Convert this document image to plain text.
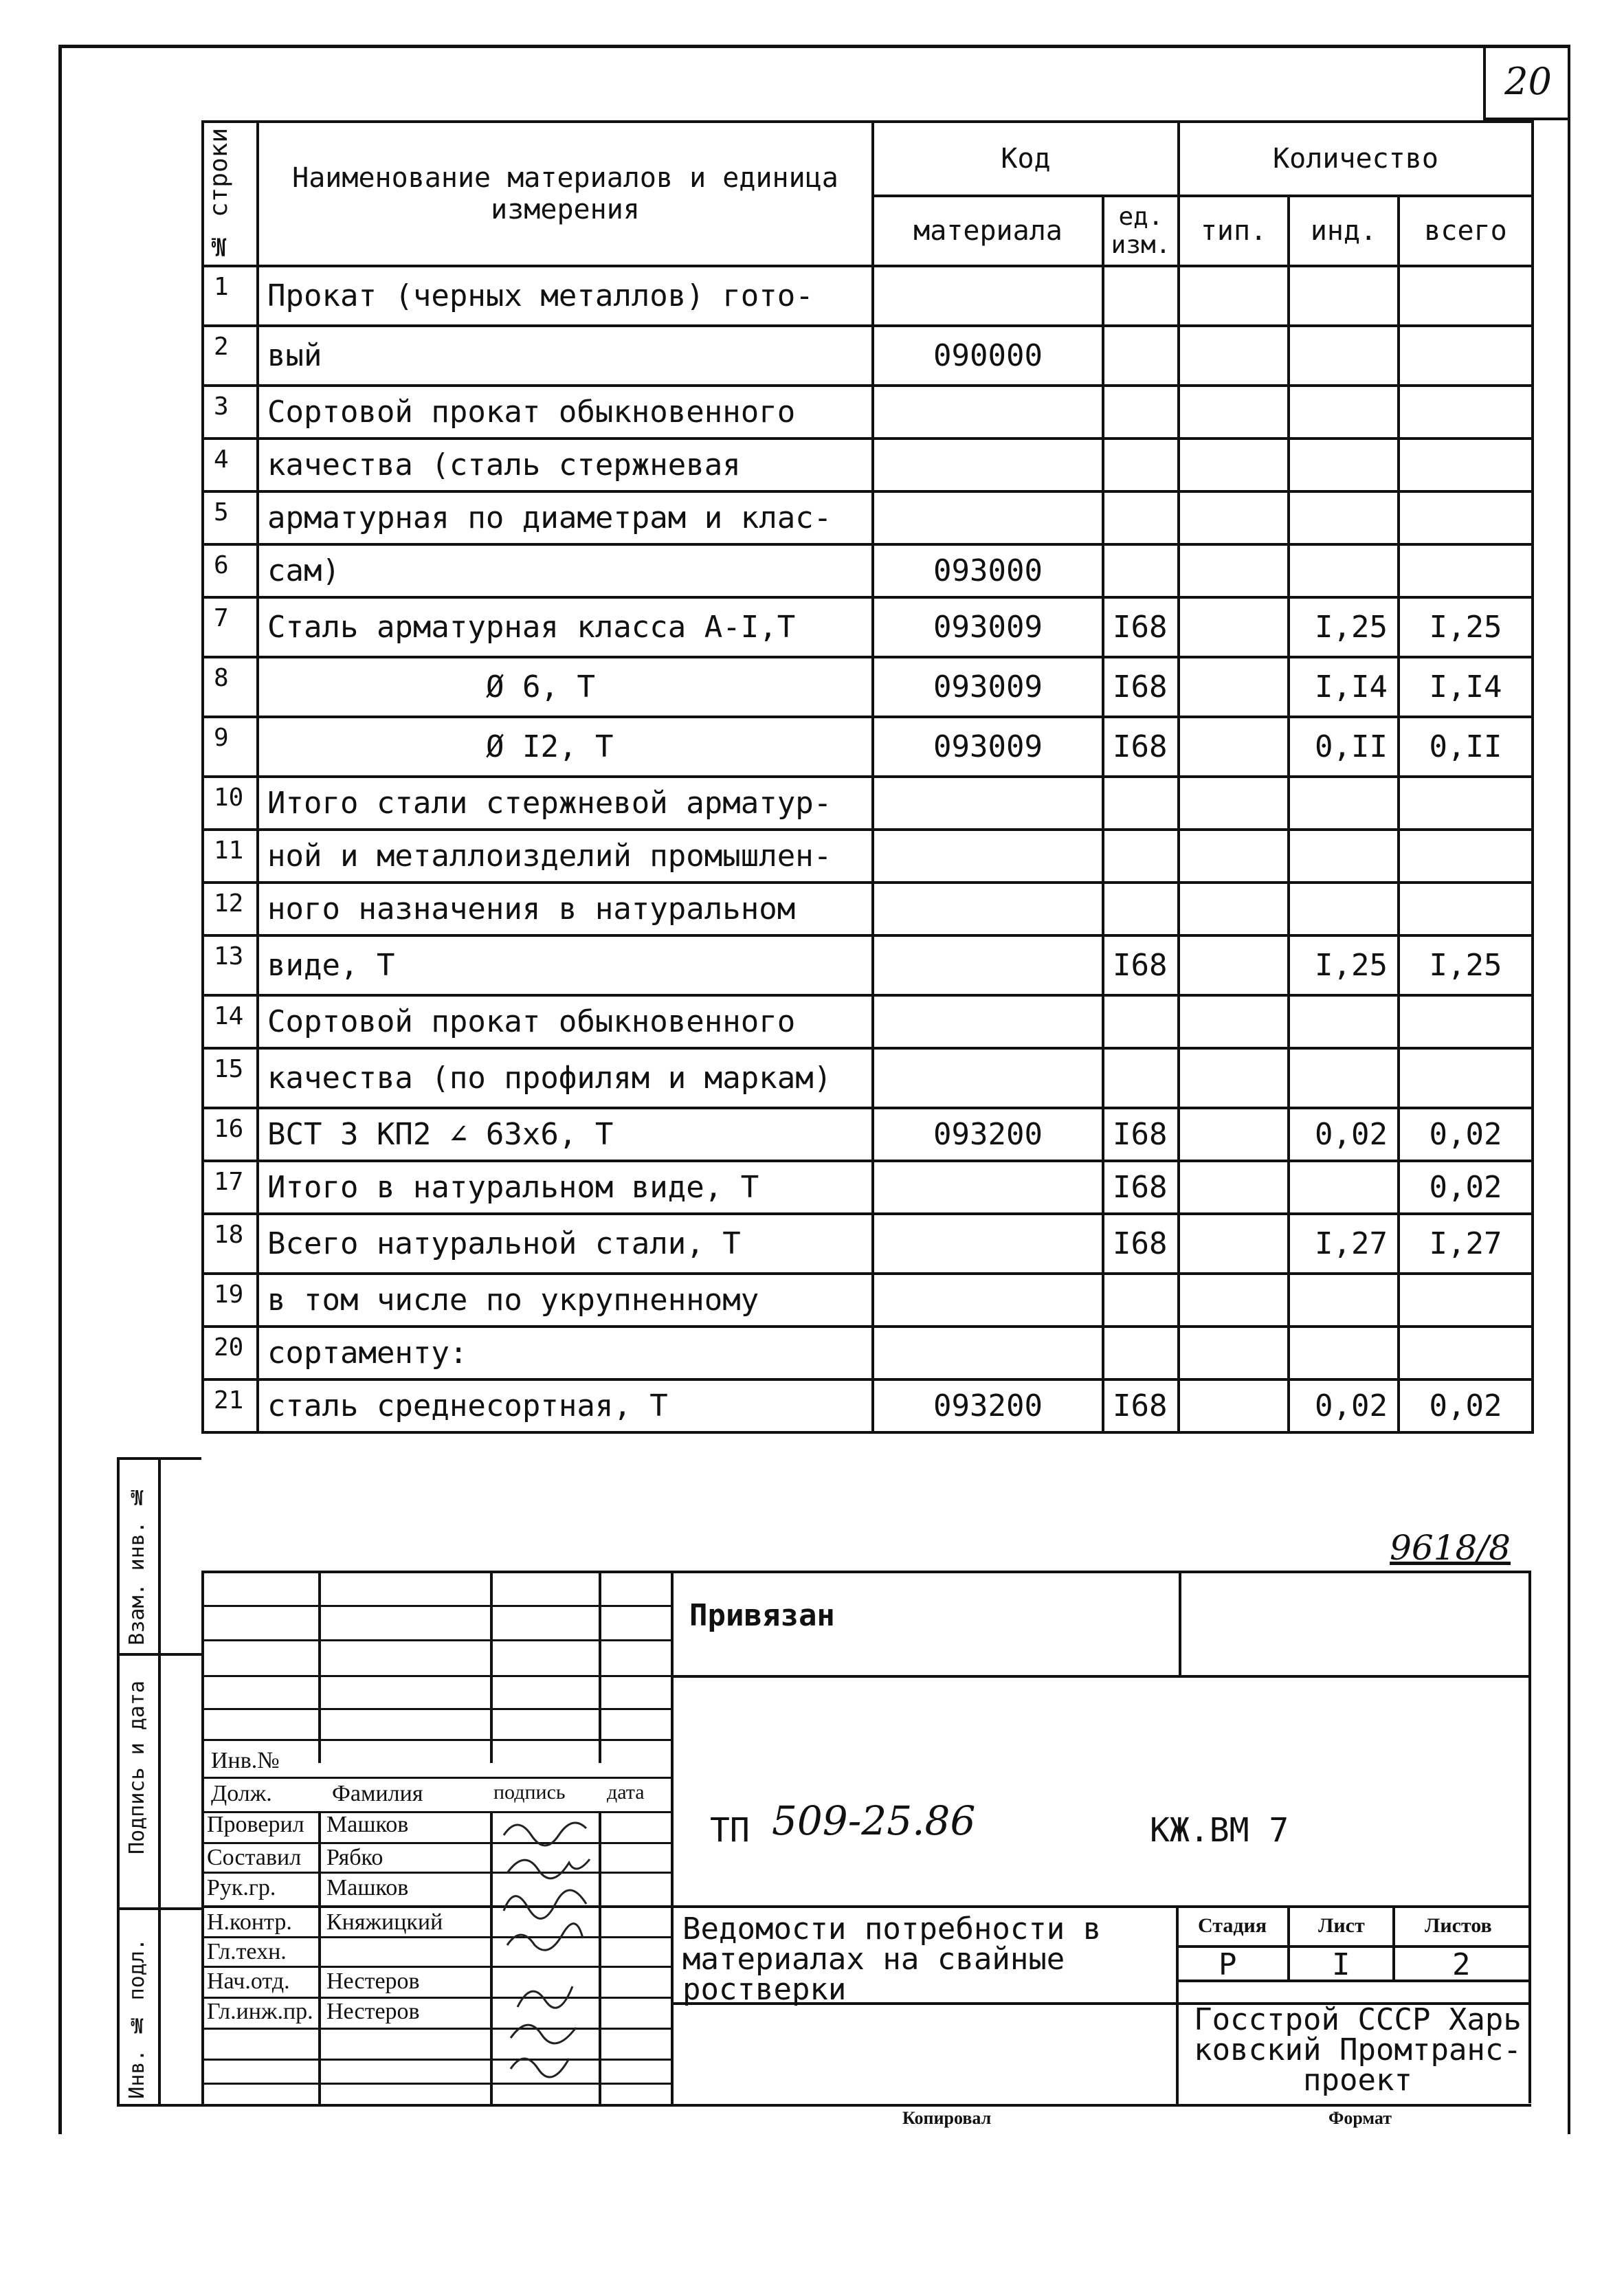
20
№ строки	Наименование материалов и единица измерения	Код		Количество		
		материала	ед. изм.	тип.	инд.	всего
1	Прокат (черных металлов) гото-					
2	вый	090000				
3	Сортовой прокат обыкновенного					
4	качества (сталь стержневая					
5	арматурная по диаметрам и клас-					
6	сам)	093000				
7	Сталь арматурная класса А-I,Т	093009	I68		I,25	I,25
8	Ø 6, Т	093009	I68		I,I4	I,I4
9	Ø I2, Т	093009	I68		0,II	0,II
10	Итого стали стержневой арматур-					
11	ной и металлоизделий промышлен-					
12	ного назначения в натуральном					
13	виде, Т		I68		I,25	I,25
14	Сортовой прокат обыкновенного					
15	качества (по профилям и маркам)					
16	ВСТ 3 КП2 ∠ 63х6, Т	093200	I68		0,02	0,02
17	Итого в натуральном виде, Т		I68			0,02
18	Всего натуральной стали, Т		I68		I,27	I,27
19	в том числе по укрупненному					
20	сортаменту:					
21	сталь среднесортная, Т	093200	I68		0,02	0,02
Взам. инв. №
Подпись и дата
Инв. № подл.
9618/8
Привязан
Инв.№
Долж.	Фамилия	подпись дата
Проверил Машков
Составил Рябко
Рук.гр. Машков
Н.контр. Княжицкий
Гл.техн.
Нач.отд. Нестеров
Гл.инж.пр. Нестеров
ТП 509-25.86	КЖ.ВМ 7
Ведомости потребности в
материалах на свайные
ростверки
Стадия Лист	Листов
Р	I	2
Госстрой СССР Харь
ковский Промтранс-
проект
Копировал	Формат
